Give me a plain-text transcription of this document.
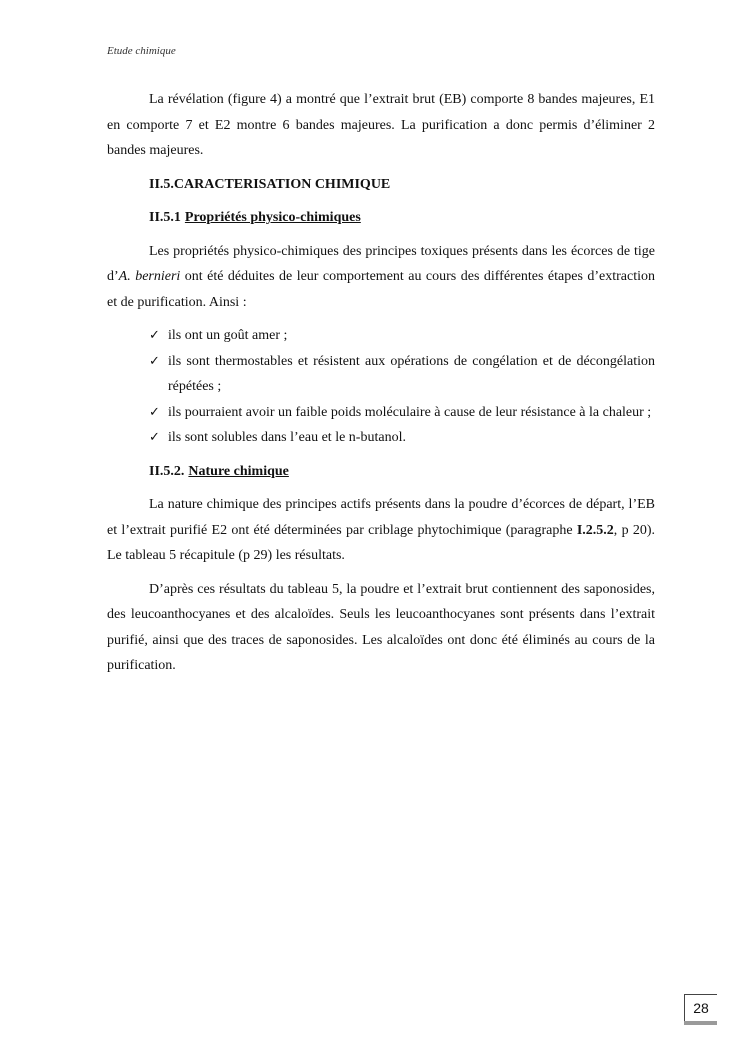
Etude chimique

La révélation (figure 4) a montré que l’extrait brut (EB) comporte 8 bandes majeures, E1 en comporte 7 et E2 montre 6 bandes majeures. La purification a donc permis d’éliminer 2 bandes majeures.

II.5.CARACTERISATION CHIMIQUE
II.5.1 Propriétés physico-chimiques

Les propriétés physico-chimiques des principes toxiques présents dans les écorces de tige d’A. bernieri ont été déduites de leur comportement au cours des différentes étapes d’extraction et de purification. Ainsi :

✓ ils ont un goût amer ;
✓ ils sont thermostables et résistent aux opérations de congélation et de décongélation répétées ;
✓ ils pourraient avoir un faible poids moléculaire à cause de leur résistance à la chaleur ;
✓ ils sont solubles dans l’eau et le n-butanol.
II.5.2. Nature chimique

La nature chimique des principes actifs présents dans la poudre d’écorces de départ, l’EB et l’extrait purifié E2 ont été déterminées par criblage phytochimique (paragraphe I.2.5.2, p 20). Le tableau 5 récapitule (p 29) les résultats.

D’après ces résultats du tableau 5, la poudre et l’extrait brut contiennent des saponosides, des leucoanthocyanes et des alcaloïdes. Seuls les leucoanthocyanes sont présents dans l’extrait purifié, ainsi que des traces de saponosides. Les alcaloïdes ont donc été éliminés au cours de la purification.

28
